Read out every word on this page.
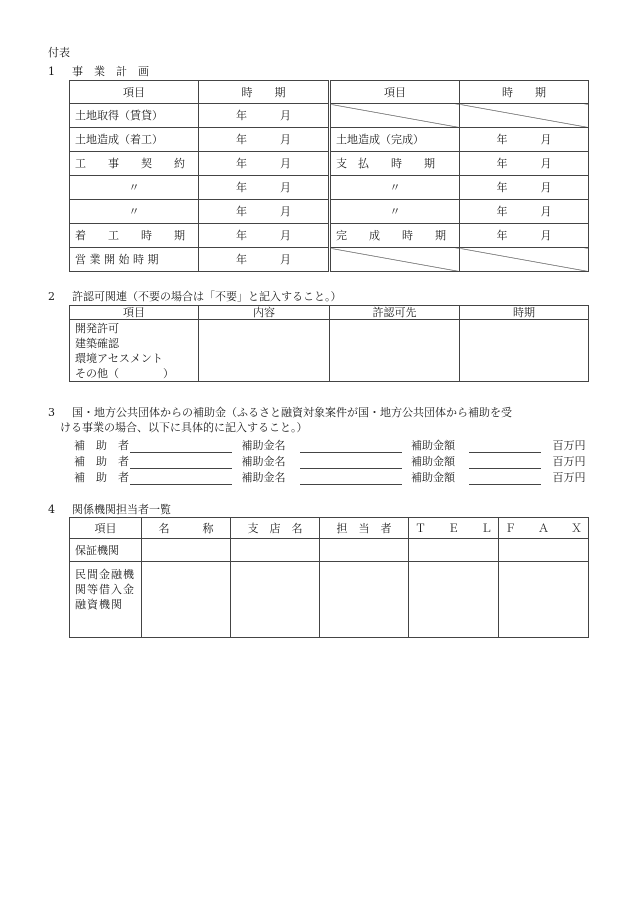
付表
1 事　業　計　画
項目	時　　期	項目	時　　期
土地取得（賃貸）	年　　 月		
土地造成（着工）	年　　 月	土地造成（完成）	年　　 月
工　　事　　契　　約	年　　 月	支　払　　時　　期	年　　 月
〃	年　　 月	〃	年　　 月
〃	年　　 月	〃	年　　 月
着　　工　　時　　期	年　　 月	完　　成　　時　　期	年　　 月
営 業 開 始 時 期	年　　 月		
2 許認可関連（不要の場合は「不要」と記入すること。）
項目	内容	許認可先	時期

開発許可
建築確認
環境アセスメント
その他（　　　　）			

3 国・地方公共団体からの補助金（ふるさと融資対象案件が国・地方公共団体から補助を受
ける事業の場合、以下に具体的に記入すること。）
補　助　者	補助金名	補助金額	百万円
補　助　者	補助金名	補助金額	百万円
補　助　者	補助金名	補助金額	百万円
4 関係機関担当者一覧
項目	名　　　称	支　店　名	担　当　者	Ｔ　　Ｅ　　Ｌ	Ｆ　　Ａ　　Ｘ
保証機関					
民間金融機関等借入金融資機関					
